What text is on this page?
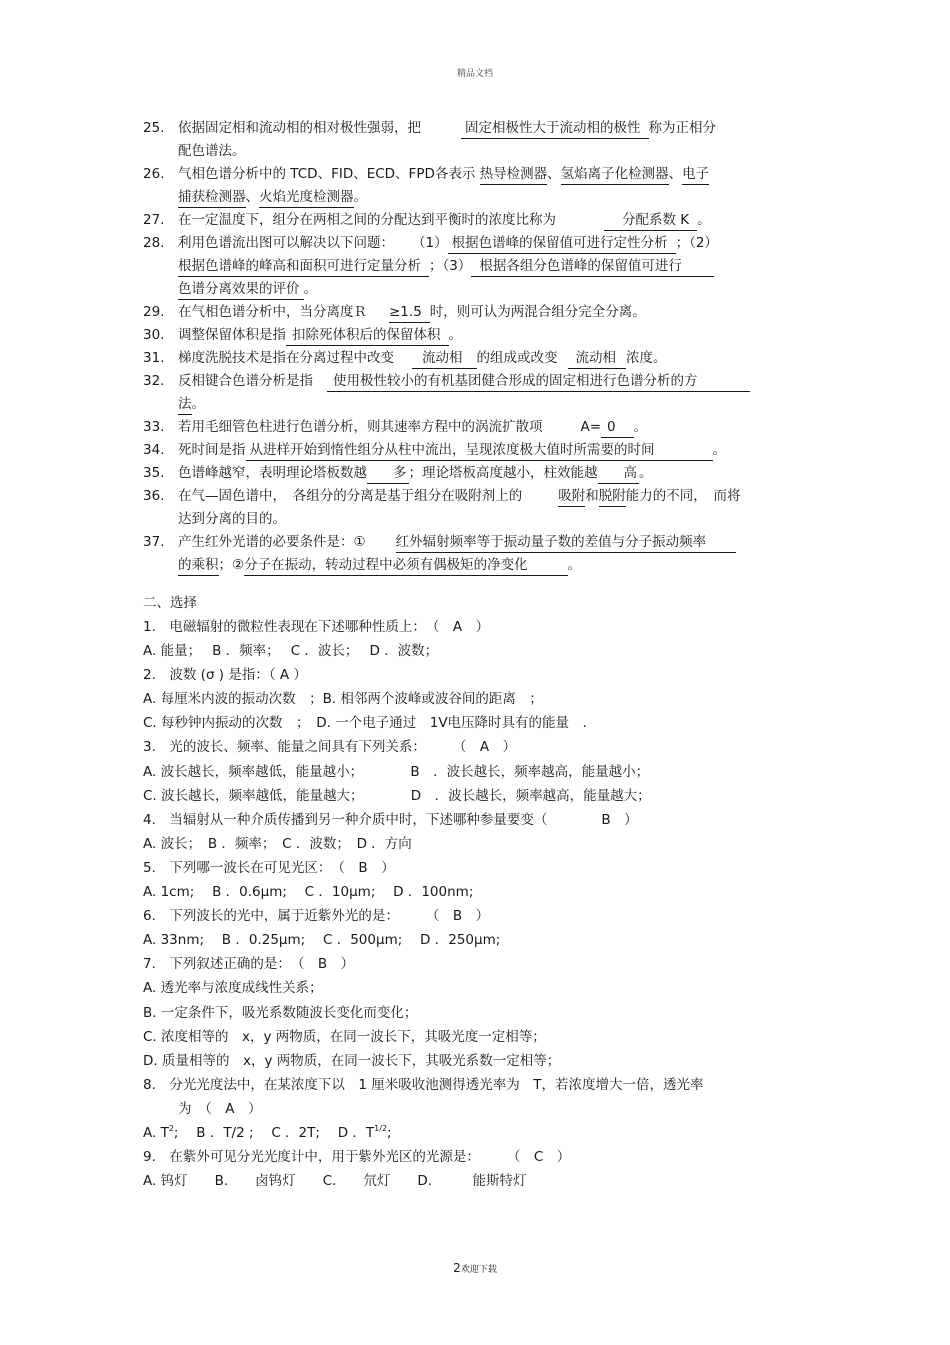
精品文档
25.	依据固定相和流动相的相对极性强弱，把	固定相极性大于流动相的极性 称为正相分
配色谱法。
26.	气相色谱分析中的 TCD、FID、ECD、FPD各表示 热导检测器、氢焰离子化检测器、电子
捕获检测器、火焰光度检测器。
27.	在一定温度下，组分在两相之间的分配达到平衡时的浓度比称为	分配系数 K 。
28.	利用色谱流出图可以解决以下问题： （1） 根据色谱峰的保留值可进行定性分析 ；（2）
根据色谱峰的峰高和面积可进行定量分析 ；（3） 根据各组分色谱峰的保留值可进行
色谱分离效果的评价 。
29.	在气相色谱分析中，当分离度Ｒ ≥1.5 时，则可认为两混合组分完全分离。
30.	调整保留体积是指 扣除死体积后的保留体积 。
31.	梯度洗脱技术是指在分离过程中改变 流动相 的组成或改变 流动相 浓度。
32.	反相键合色谱分析是指 使用极性较小的有机基团健合形成的固定相进行色谱分析的方
法。
33.	若用毛细管色柱进行色谱分析，则其速率方程中的涡流扩散项	A= 0 。
34.	死时间是指 从进样开始到惰性组分从柱中流出，呈现浓度极大值时所需要的时间	。
35.	色谱峰越窄，表明理论塔板数越 多 ；理论塔板高度越小，柱效能越 高 。
36.	在气—固色谱中，　各组分的分离是基于组分在吸附剂上的	吸附和脱附能力的不同，　而将
达到分离的目的。
37.	产生红外光谱的必要条件是：① 红外辐射频率等于振动量子数的差值与分子振动频率
的乘积；②分子在振动，转动过程中必须有偶极矩的净变化	。
二、选择
1.　电磁辐射的微粒性表现在下述哪种性质上：　（　A　）
A. 能量；　 B ．频率；　 C ．波长；　 D ．波数；
2.　波数 (σ ) 是指：（ A ）
A. 每厘米内波的振动次数　；B. 相邻两个波峰或波谷间的距离　；
C. 每秒钟内振动的次数　；　D. 一个电子通过　1V电压降时具有的能量　.
3.　光的波长、频率、能量之间具有下列关系：　　　（　A　）
A. 波长越长，频率越低，能量越小；　　　　B　．波长越长，频率越高，能量越小；
C. 波长越长，频率越低，能量越大；　　　　D　．波长越长，频率越高，能量越大；
4.　当辐射从一种介质传播到另一种介质中时，下述哪种参量要变（　　　　B　）
A. 波长；　B ．频率；　C ．波数；　D ．方向
5.　下列哪一波长在可见光区：　（　B　）
A. 1cm;　 B ．0.6μm;　 C ．10μm;　 D ．100nm;
6.　下列波长的光中，属于近紫外光的是：　　　（　B　）
A. 33nm;　 B ．0.25μm;　 C ．500μm;　 D ．250μm;
7.　下列叙述正确的是：　（　B　）
A. 透光率与浓度成线性关系；
B. 一定条件下，吸光系数随波长变化而变化；
C. 浓度相等的　x，y 两物质，在同一波长下，其吸光度一定相等；
D. 质量相等的　x，y 两物质，在同一波长下，其吸光系数一定相等；
8.　分光光度法中，在某浓度下以　1 厘米吸收池测得透光率为　T，若浓度增大一倍，透光率
为　（　A　）
A. $T^2$;　 B ．T/2 ;　 C ．2T;　 D ．$T^{1/2}$;
9.　在紫外可见分光光度计中，用于紫外光区的光源是：　　　（　C　）
A. 钨灯　　B.　　卤钨灯　　C.　　氘灯　　D.　　　能斯特灯
2欢迎下载
